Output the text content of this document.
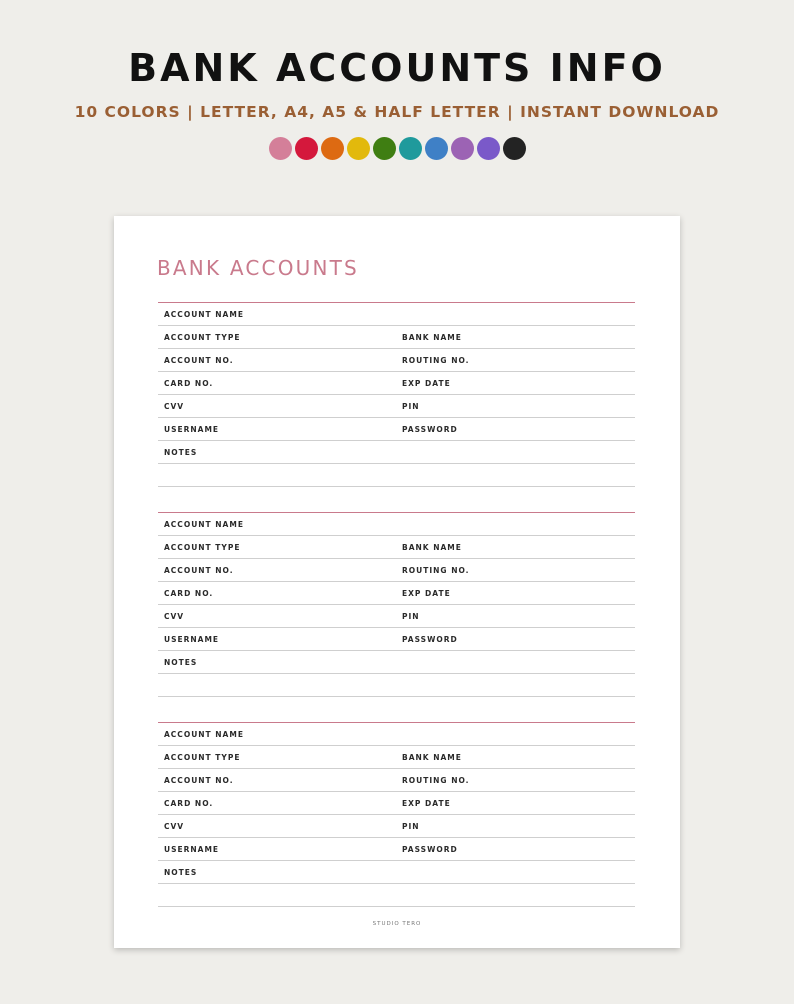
BANK ACCOUNTS INFO
10 COLORS | LETTER, A4, A5 & HALF LETTER | INSTANT DOWNLOAD
BANK ACCOUNTS
ACCOUNT NAME
ACCOUNT TYPE	BANK NAME
ACCOUNT NO.	ROUTING NO.
CARD NO.	EXP DATE
CVV	PIN
USERNAME	PASSWORD
NOTES
ACCOUNT NAME
ACCOUNT TYPE	BANK NAME
ACCOUNT NO.	ROUTING NO.
CARD NO.	EXP DATE
CVV	PIN
USERNAME	PASSWORD
NOTES
ACCOUNT NAME
ACCOUNT TYPE	BANK NAME
ACCOUNT NO.	ROUTING NO.
CARD NO.	EXP DATE
CVV	PIN
USERNAME	PASSWORD
NOTES
STUDIO TERO
